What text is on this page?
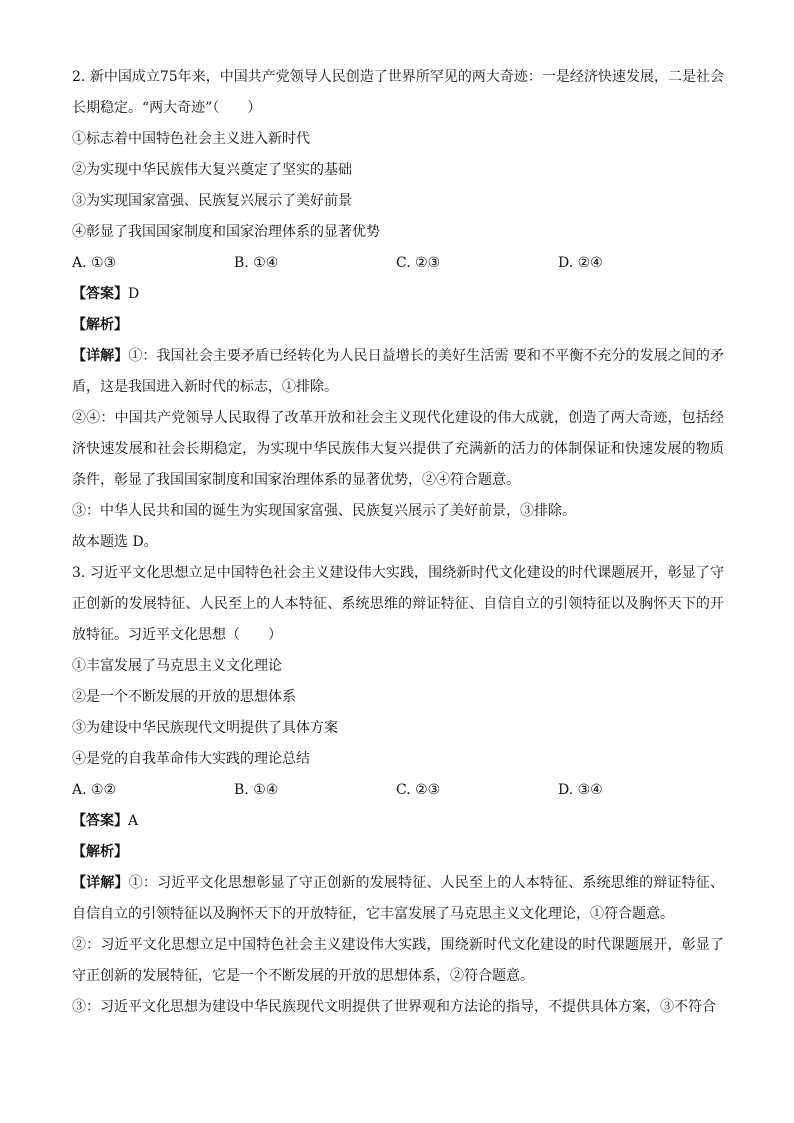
2. 新中国成立75年来，中国共产党领导人民创造了世界所罕见的两大奇迹：一是经济快速发展，二是社会长期稳定。“两大奇迹”（　　）
①标志着中国特色社会主义进入新时代
②为实现中华民族伟大复兴奠定了坚实的基础
③为实现国家富强、民族复兴展示了美好前景
④彰显了我国国家制度和国家治理体系的显著优势
A. ①③	B. ①④	C. ②③	D. ②④
【答案】D
【解析】
【详解】①：我国社会主要矛盾已经转化为人民日益增长的美好生活需 要和不平衡不充分的发展之间的矛盾，这是我国进入新时代的标志，①排除。
②④：中国共产党领导人民取得了改革开放和社会主义现代化建设的伟大成就，创造了两大奇迹，包括经济快速发展和社会长期稳定，为实现中华民族伟大复兴提供了充满新的活力的体制保证和快速发展的物质条件，彰显了我国国家制度和国家治理体系的显著优势，②④符合题意。
③：中华人民共和国的诞生为实现国家富强、民族复兴展示了美好前景，③排除。
故本题选 D。
3. 习近平文化思想立足中国特色社会主义建设伟大实践，围绕新时代文化建设的时代课题展开，彰显了守正创新的发展特征、人民至上的人本特征、系统思维的辩证特征、自信自立的引领特征以及胸怀天下的开放特征。习近平文化思想（　　）
①丰富发展了马克思主义文化理论
②是一个不断发展的开放的思想体系
③为建设中华民族现代文明提供了具体方案
④是党的自我革命伟大实践的理论总结
A. ①②	B. ①④	C. ②③	D. ③④
【答案】A
【解析】
【详解】①：习近平文化思想彰显了守正创新的发展特征、人民至上的人本特征、系统思维的辩证特征、自信自立的引领特征以及胸怀天下的开放特征，它丰富发展了马克思主义文化理论，①符合题意。
②：习近平文化思想立足中国特色社会主义建设伟大实践，围绕新时代文化建设的时代课题展开，彰显了守正创新的发展特征，它是一个不断发展的开放的思想体系，②符合题意。
③：习近平文化思想为建设中华民族现代文明提供了世界观和方法论的指导，不提供具体方案，③不符合
